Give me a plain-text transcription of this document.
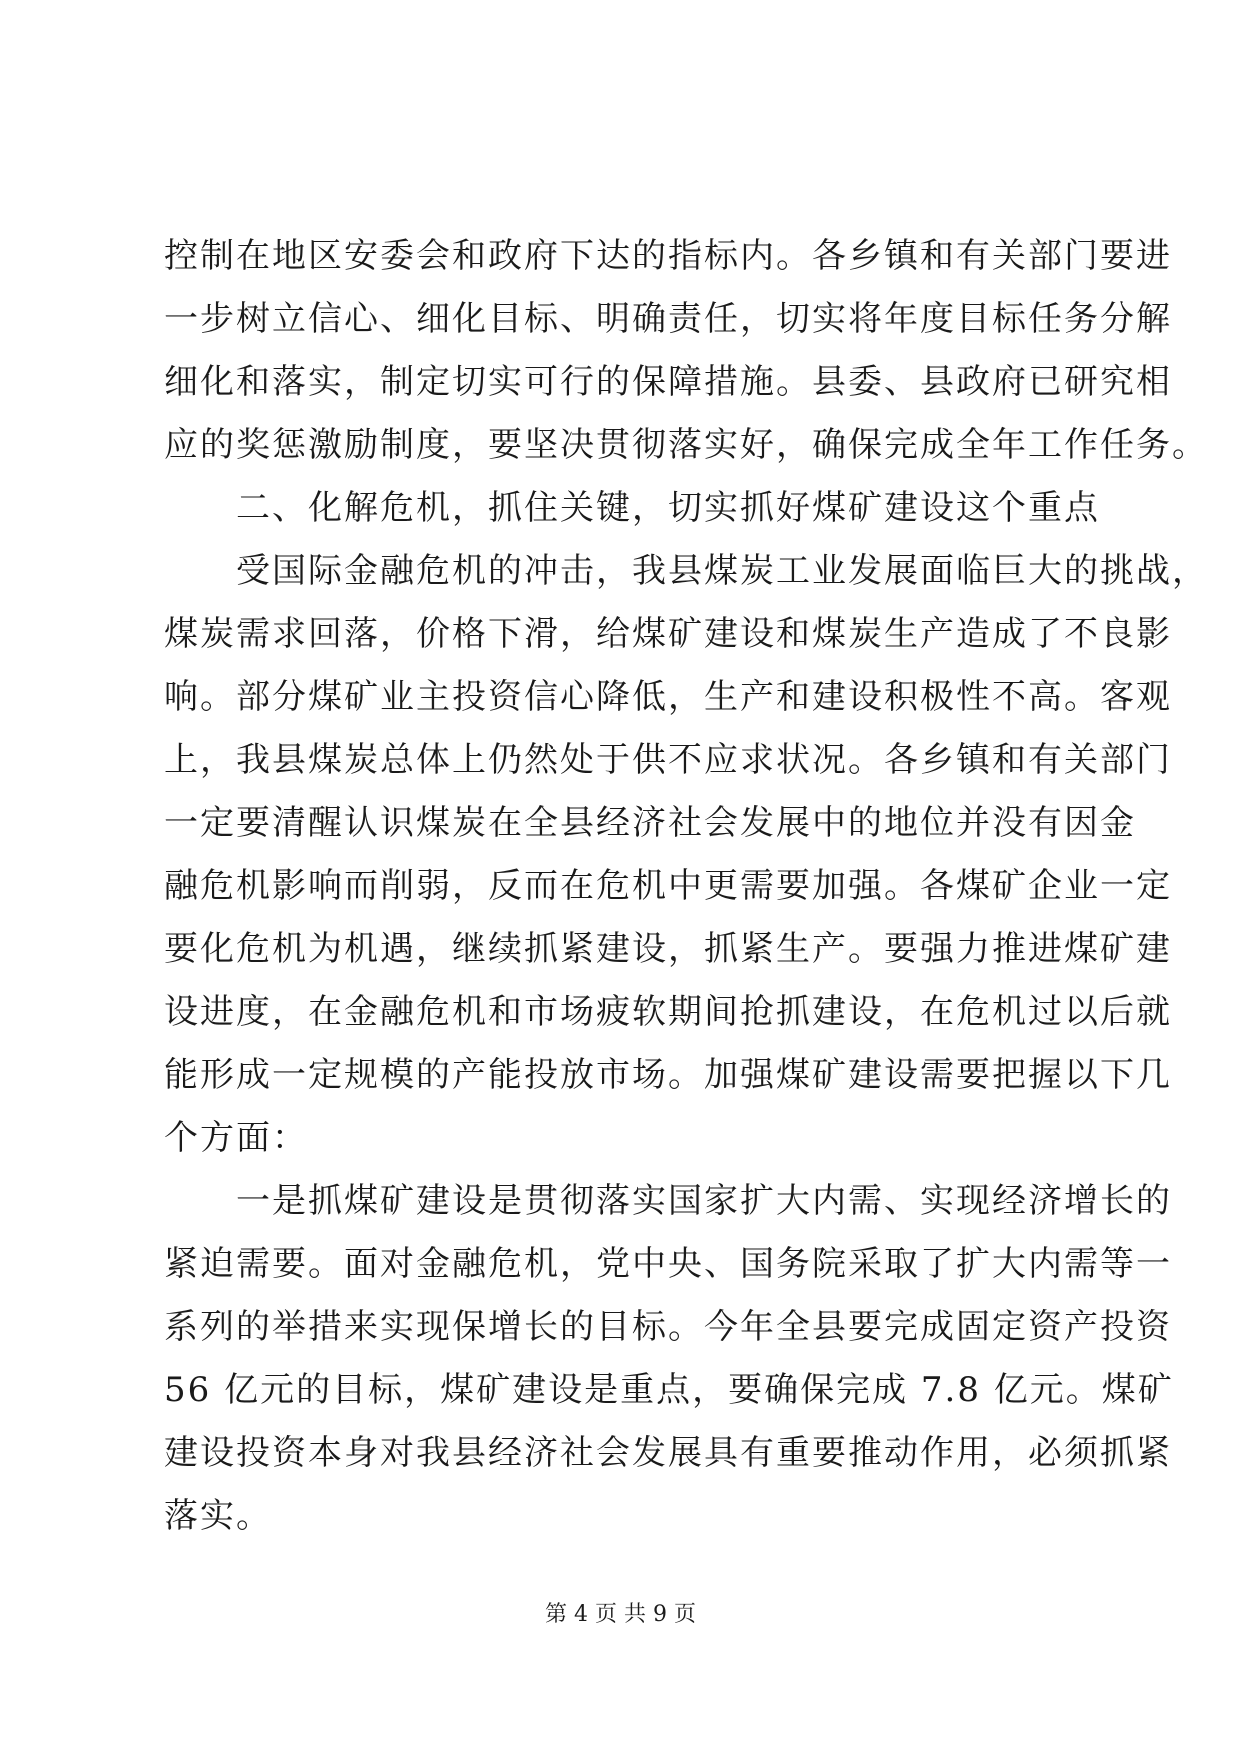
控制在地区安委会和政府下达的指标内。各乡镇和有关部门要进
一步树立信心、细化目标、明确责任，切实将年度目标任务分解
细化和落实，制定切实可行的保障措施。县委、县政府已研究相
应的奖惩激励制度，要坚决贯彻落实好，确保完成全年工作任务。
二、化解危机，抓住关键，切实抓好煤矿建设这个重点
受国际金融危机的冲击，我县煤炭工业发展面临巨大的挑战，
煤炭需求回落，价格下滑，给煤矿建设和煤炭生产造成了不良影
响。部分煤矿业主投资信心降低，生产和建设积极性不高。客观
上，我县煤炭总体上仍然处于供不应求状况。各乡镇和有关部门
一定要清醒认识煤炭在全县经济社会发展中的地位并没有因金
融危机影响而削弱，反而在危机中更需要加强。各煤矿企业一定
要化危机为机遇，继续抓紧建设，抓紧生产。要强力推进煤矿建
设进度，在金融危机和市场疲软期间抢抓建设，在危机过以后就
能形成一定规模的产能投放市场。加强煤矿建设需要把握以下几
个方面：
一是抓煤矿建设是贯彻落实国家扩大内需、实现经济增长的
紧迫需要。面对金融危机，党中央、国务院采取了扩大内需等一
系列的举措来实现保增长的目标。今年全县要完成固定资产投资
56 亿元的目标，煤矿建设是重点，要确保完成 7.8 亿元。煤矿
建设投资本身对我县经济社会发展具有重要推动作用，必须抓紧
落实。
第 4 页 共 9 页
